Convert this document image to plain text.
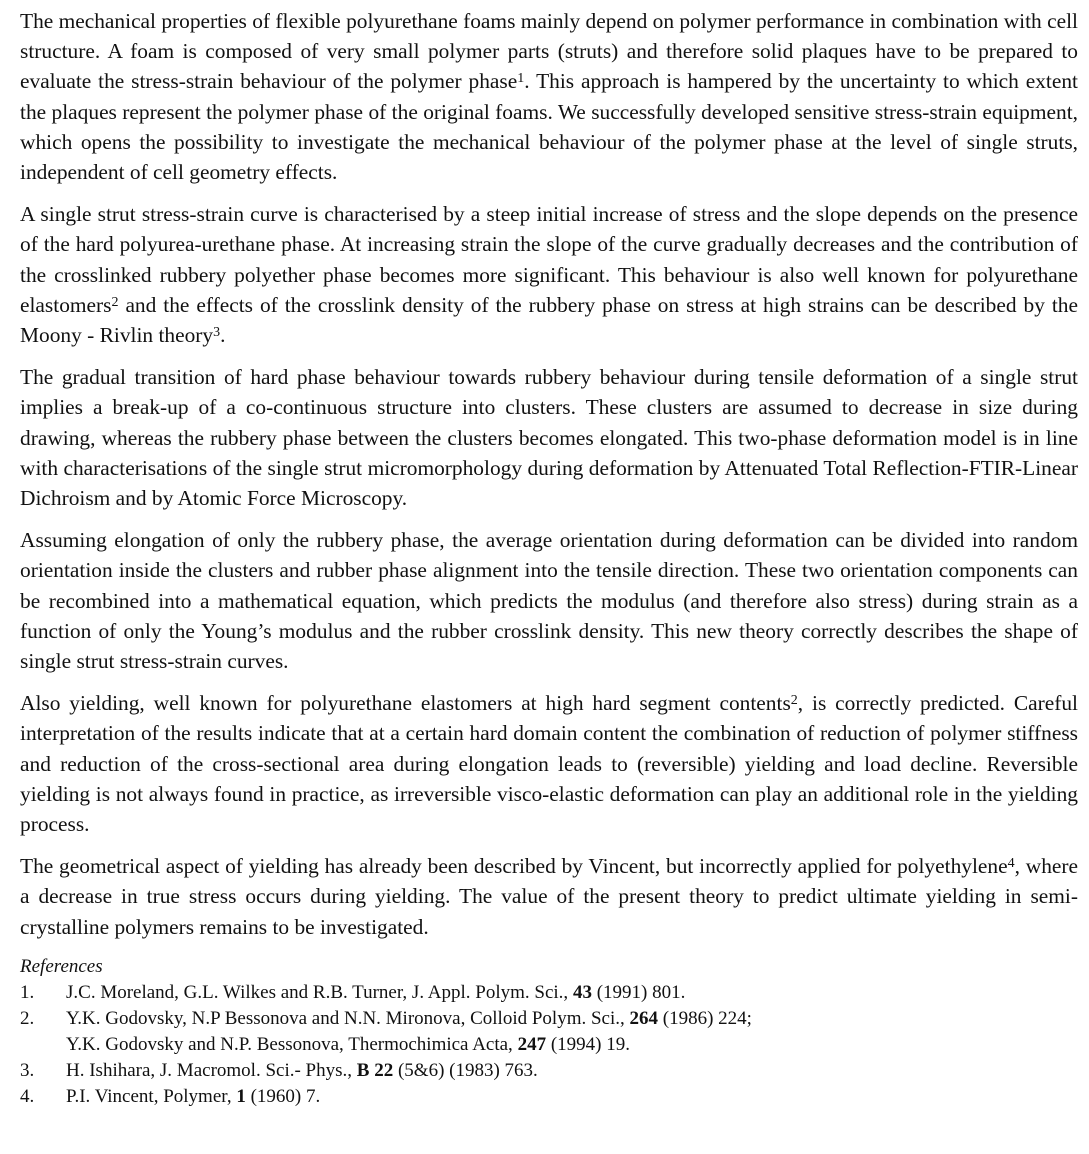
The mechanical properties of flexible polyurethane foams mainly depend on polymer performance in combination with cell structure. A foam is composed of very small polymer parts (struts) and therefore solid plaques have to be prepared to evaluate the stress-strain behaviour of the polymer phase$^1$. This approach is hampered by the uncertainty to which extent the plaques represent the polymer phase of the original foams. We successfully developed sensitive stress-strain equipment, which opens the possibility to investigate the mechanical behaviour of the polymer phase at the level of single struts, independent of cell geometry effects.

A single strut stress-strain curve is characterised by a steep initial increase of stress and the slope depends on the presence of the hard polyurea-urethane phase. At increasing strain the slope of the curve gradually decreases and the contribution of the crosslinked rubbery polyether phase becomes more significant. This behaviour is also well known for polyurethane elastomers$^2$ and the effects of the crosslink density of the rubbery phase on stress at high strains can be described by the Moony - Rivlin theory$^3$.

The gradual transition of hard phase behaviour towards rubbery behaviour during tensile deformation of a single strut implies a break-up of a co-continuous structure into clusters. These clusters are assumed to decrease in size during drawing, whereas the rubbery phase between the clusters becomes elongated. This two-phase deformation model is in line with characterisations of the single strut micromorphology during deformation by Attenuated Total Reflection-FTIR-Linear Dichroism and by Atomic Force Microscopy.

Assuming elongation of only the rubbery phase, the average orientation during deformation can be divided into random orientation inside the clusters and rubber phase alignment into the tensile direction. These two orientation components can be recombined into a mathematical equation, which predicts the modulus (and therefore also stress) during strain as a function of only the Young’s modulus and the rubber crosslink density. This new theory correctly describes the shape of single strut stress-strain curves.

Also yielding, well known for polyurethane elastomers at high hard segment contents$^2$, is correctly predicted. Careful interpretation of the results indicate that at a certain hard domain content the combination of reduction of polymer stiffness and reduction of the cross-sectional area during elongation leads to (reversible) yielding and load decline. Reversible yielding is not always found in practice, as irreversible visco-elastic deformation can play an additional role in the yielding process.

The geometrical aspect of yielding has already been described by Vincent, but incorrectly applied for polyethylene$^4$, where a decrease in true stress occurs during yielding. The value of the present theory to predict ultimate yielding in semi-crystalline polymers remains to be investigated.

References
1.	J.C. Moreland, G.L. Wilkes and R.B. Turner, J. Appl. Polym. Sci., 43 (1991) 801.
2.	Y.K. Godovsky, N.P Bessonova and N.N. Mironova, Colloid Polym. Sci., 264 (1986) 224;
Y.K. Godovsky and N.P. Bessonova, Thermochimica Acta, 247 (1994) 19.
3.	H. Ishihara, J. Macromol. Sci.- Phys., B 22 (5&6) (1983) 763.
4.	P.I. Vincent, Polymer, 1 (1960) 7.
